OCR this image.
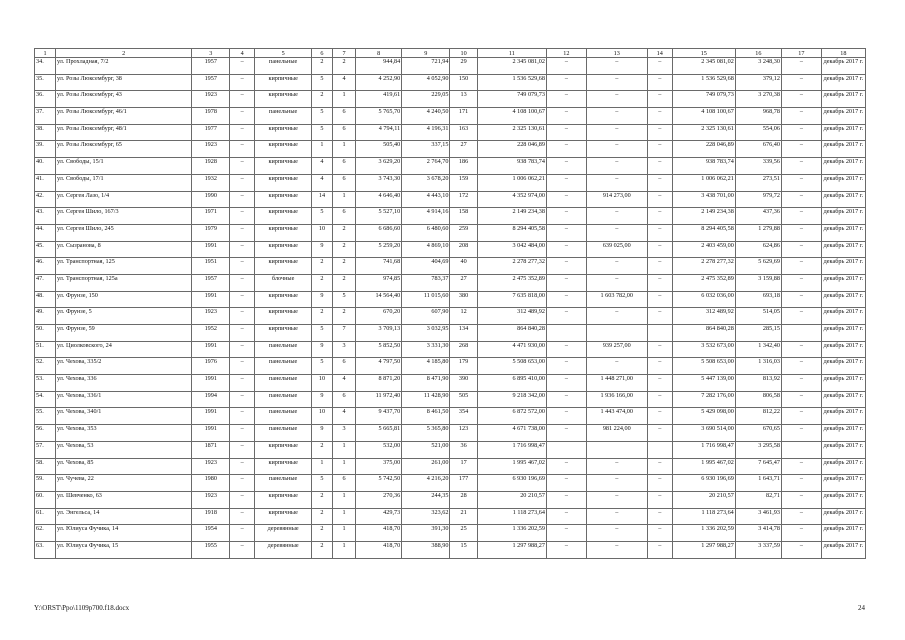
1	2	3	4	5	6	7	8	9	10	11	12	13	14	15	16	17	18
34.	ул. Прохладная, 7/2	1957	–	панельные	2	2	944,84	721,94	29	2 345 081,02	–	–	–	2 345 081,02	3 248,30	–	декабрь 2017 г.
35.	ул. Розы Люксембург, 38	1957	–	кирпичные	5	4	4 252,90	4 052,90	150	1 536 529,68	–	–	–	1 536 529,68	379,12	–	декабрь 2017 г.
36.	ул. Розы Люксембург, 43	1923	–	кирпичные	2	1	419,61	229,05	13	749 079,73	–	–	–	749 079,73	3 270,38	–	декабрь 2017 г.
37.	ул. Розы Люксембург, 46/1	1978	–	панельные	5	6	5 765,70	4 240,50	171	4 108 100,67	–	–	–	4 108 100,67	968,78	–	декабрь 2017 г.
38.	ул. Розы Люксембург, 48/1	1977	–	кирпичные	5	6	4 794,11	4 196,31	163	2 325 130,61	–	–	–	2 325 130,61	554,06	–	декабрь 2017 г.
39.	ул. Розы Люксембург, 65	1923	–	кирпичные	1	1	505,40	337,15	27	228 046,89	–	–	–	228 046,89	676,40	–	декабрь 2017 г.
40.	ул. Свободы, 15/1	1928	–	кирпичные	4	6	3 629,20	2 764,70	186	938 783,74	–	–	–	938 783,74	339,56	–	декабрь 2017 г.
41.	ул. Свободы, 17/1	1932	–	кирпичные	4	6	3 743,30	3 678,20	159	1 006 062,21	–	–	–	1 006 062,21	273,51	–	декабрь 2017 г.
42.	ул. Сергея Лазо, 1/4	1990	–	кирпичные	14	1	4 646,40	4 443,10	172	4 352 974,00	–	914 273,00	–	3 438 701,00	979,72	–	декабрь 2017 г.
43.	ул. Сергея Шило, 167/3	1971	–	кирпичные	5	6	5 527,10	4 914,16	158	2 149 234,38	–	–	–	2 149 234,38	437,36	–	декабрь 2017 г.
44.	ул. Сергея Шило, 245	1979	–	кирпичные	10	2	6 686,60	6 480,60	259	8 294 405,58	–	–	–	8 294 405,58	1 279,88	–	декабрь 2017 г.
45.	ул. Сызранова, 8	1991	–	кирпичные	9	2	5 259,20	4 869,10	208	3 042 484,00	–	639 025,00	–	2 403 459,00	624,86	–	декабрь 2017 г.
46.	ул. Транспортная, 125	1951	–	кирпичные	2	2	741,68	404,69	40	2 278 277,32	–	–	–	2 278 277,32	5 629,69	–	декабрь 2017 г.
47.	ул. Транспортная, 125а	1957	–	блочные	2	2	974,85	783,37	27	2 475 352,89	–	–	–	2 475 352,89	3 159,88	–	декабрь 2017 г.
48.	ул. Фрунзе, 150	1991	–	кирпичные	9	5	14 564,40	11 015,60	380	7 635 818,00	–	1 603 782,00	–	6 032 036,00	693,18	–	декабрь 2017 г.
49.	ул. Фрунзе, 5	1923	–	кирпичные	2	2	670,20	607,90	12	312 489,92	–	–	–	312 489,92	514,05	–	декабрь 2017 г.
50.	ул. Фрунзе, 59	1952	–	кирпичные	5	7	3 709,13	3 032,95	134	864 840,28				864 840,28	285,15		декабрь 2017 г.
51.	ул. Циолковского, 24	1991	–	панельные	9	3	5 852,50	3 331,30	268	4 471 930,00	–	939 257,00	–	3 532 673,00	1 342,40	–	декабрь 2017 г.
52.	ул. Чехова, 335/2	1976	–	панельные	5	6	4 797,50	4 185,80	179	5 508 653,00	–	–	–	5 508 653,00	1 316,03	–	декабрь 2017 г.
53.	ул. Чехова, 336	1991	–	панельные	10	4	8 871,20	8 471,90	390	6 895 410,00	–	1 448 271,00	–	5 447 139,00	813,92	–	декабрь 2017 г.
54.	ул. Чехова, 336/1	1994	–	панельные	9	6	11 972,40	11 428,90	505	9 218 342,00	–	1 936 166,00	–	7 282 176,00	806,58	–	декабрь 2017 г.
55.	ул. Чехова, 340/1	1991	–	панельные	10	4	9 437,70	8 461,50	354	6 872 572,00	–	1 443 474,00	–	5 429 098,00	812,22	–	декабрь 2017 г.
56.	ул. Чехова, 353	1991	–	панельные	9	3	5 665,81	5 365,80	123	4 671 738,00	–	981 224,00	–	3 690 514,00	670,65	–	декабрь 2017 г.
57.	ул. Чехова, 53	1871	–	кирпичные	2	1	532,00	521,00	36	1 716 998,47				1 716 998,47	3 295,58		декабрь 2017 г.
58.	ул. Чехова, 85	1923	–	кирпичные	1	1	375,00	261,00	17	1 995 467,02	–	–	–	1 995 467,02	7 645,47	–	декабрь 2017 г.
59.	ул. Чучева, 22	1980	–	панельные	5	6	5 742,50	4 216,20	177	6 930 196,69	–	–	–	6 930 196,69	1 643,71	–	декабрь 2017 г.
60.	ул. Шевченко, 63	1923	–	кирпичные	2	1	270,36	244,35	28	20 210,57	–	–	–	20 210,57	82,71	–	декабрь 2017 г.
61.	ул. Энгельса, 14	1918	–	кирпичные	2	1	429,73	323,62	21	1 118 273,64	–	–	–	1 118 273,64	3 461,93	–	декабрь 2017 г.
62.	ул. Юлиуса Фучика, 14	1954	–	деревянные	2	1	418,70	391,30	25	1 336 202,59	–	–	–	1 336 202,59	3 414,78	–	декабрь 2017 г.
63.	ул. Юлиуса Фучика, 15	1955	–	деревянные	2	1	418,70	388,90	15	1 297 988,27	–	–	–	1 297 988,27	3 337,59	–	декабрь 2017 г.
Y:\ORST\Ppo\1109p700.f18.docx	24
